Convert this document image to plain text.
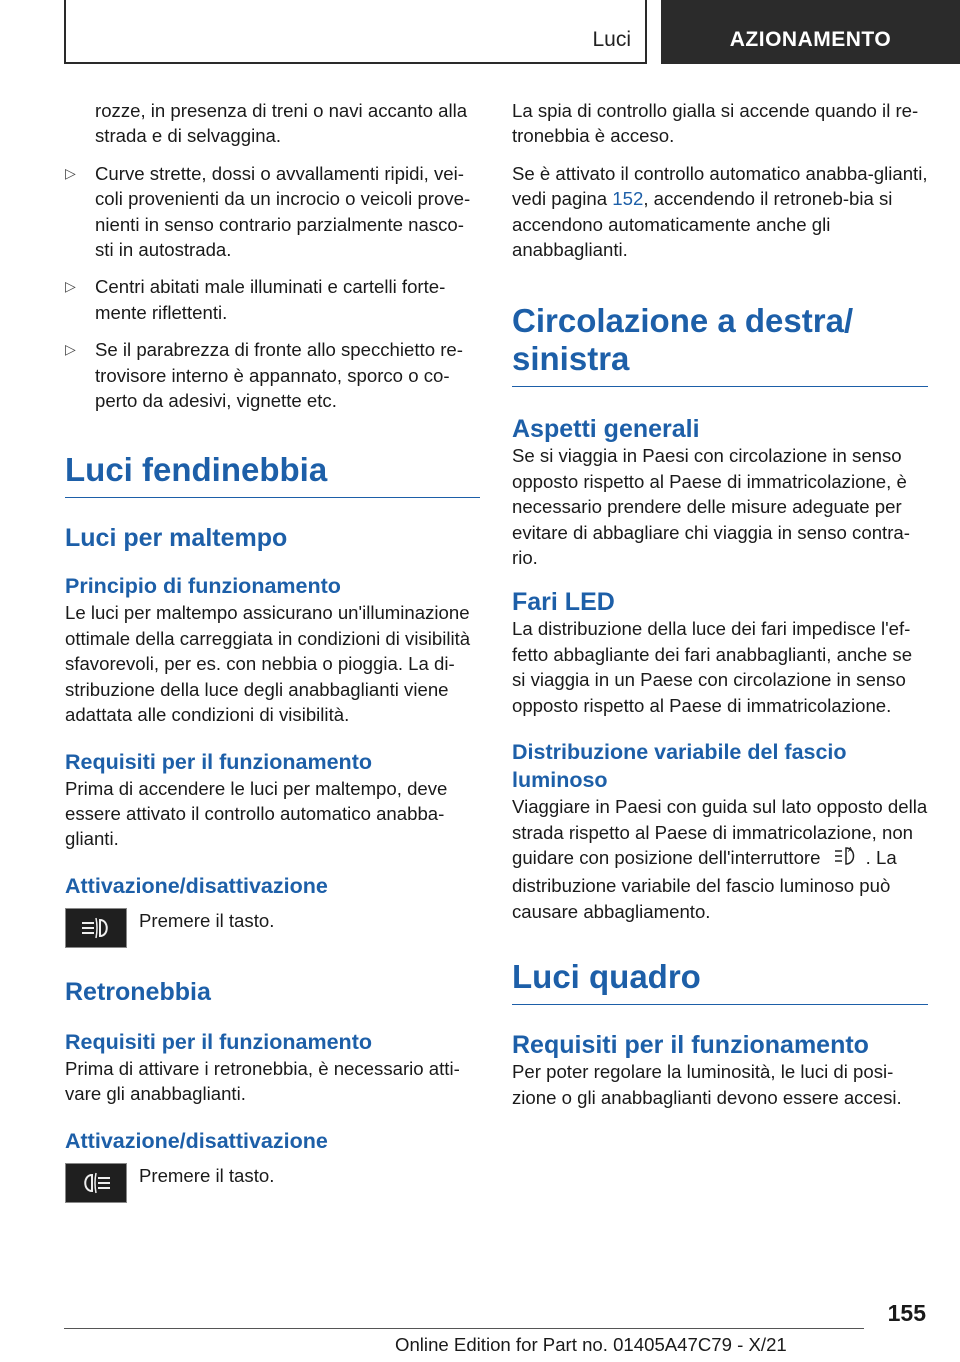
Luci	AZIONAMENTO

rozze, in presenza di treni o navi accanto alla strada e di selvaggina.

▷ Curve strette, dossi o avvallamenti ripidi, vei-coli provenienti da un incrocio o veicoli prove-nienti in senso contrario parzialmente nasco-sti in autostrada.
▷ Centri abitati male illuminati e cartelli forte-mente riflettenti.
▷ Se il parabrezza di fronte allo specchietto re-trovisore interno è appannato, sporco o co-perto da adesivi, vignette etc.
Luci fendinebbia
Luci per maltempo
Principio di funzionamento

Le luci per maltempo assicurano un'illuminazione ottimale della carreggiata in condizioni di visibilità sfavorevoli, per es. con nebbia o pioggia. La di-stribuzione della luce degli anabbaglianti viene adattata alle condizioni di visibilità.

Requisiti per il funzionamento

Prima di accendere le luci per maltempo, deve essere attivato il controllo automatico anabba-glianti.

Attivazione/disattivazione

Premere il tasto.

Retronebbia
Requisiti per il funzionamento

Prima di attivare i retronebbia, è necessario atti-vare gli anabbaglianti.

Attivazione/disattivazione

Premere il tasto.

La spia di controllo gialla si accende quando il re-tronebbia è acceso.

Se è attivato il controllo automatico anabba-glianti, vedi pagina 152, accendendo il retroneb-bia si accendono automaticamente anche gli anabbaglianti.

Circolazione a destra/ sinistra
Aspetti generali

Se si viaggia in Paesi con circolazione in senso opposto rispetto al Paese di immatricolazione, è necessario prendere delle misure adeguate per evitare di abbagliare chi viaggia in senso contra-rio.

Fari LED

La distribuzione della luce dei fari impedisce l'ef-fetto abbagliante dei fari anabbaglianti, anche se si viaggia in un Paese con circolazione in senso opposto rispetto al Paese di immatricolazione.

Distribuzione variabile del fascio luminoso

Viaggiare in Paesi con guida sul lato opposto della strada rispetto al Paese di immatricolazione, non guidare con posizione dell'interruttore	A . La distribuzione variabile del fascio luminoso può causare abbagliamento.

Luci quadro
Requisiti per il funzionamento

Per poter regolare la luminosità, le luci di posi-zione o gli anabbaglianti devono essere accesi.

155
Online Edition for Part no. 01405A47C79 - X/21
